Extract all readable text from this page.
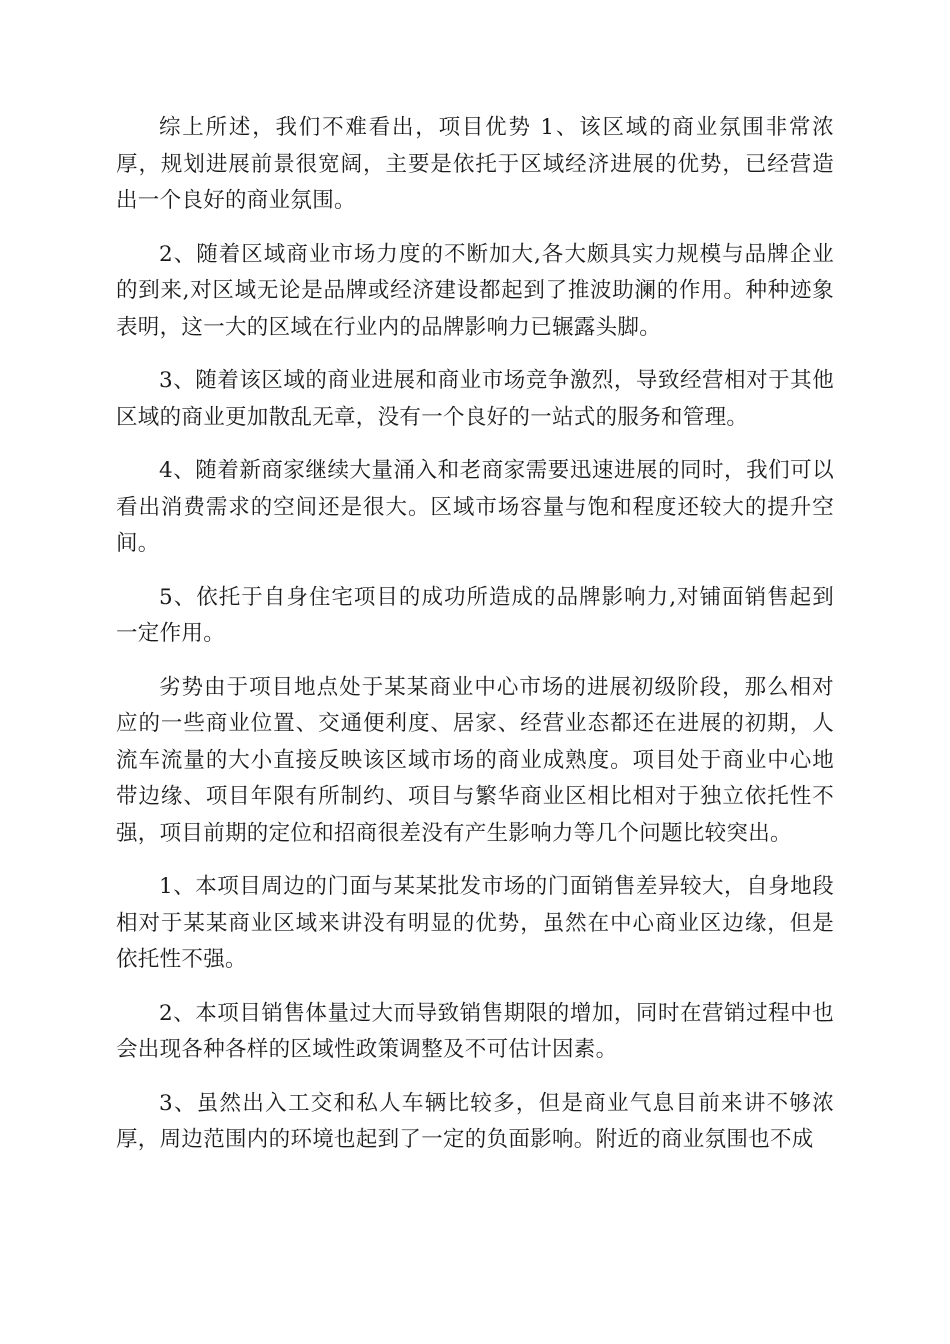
综上所述，我们不难看出，项目优势 1、该区域的商业氛围非常浓厚，规划进展前景很宽阔，主要是依托于区域经济进展的优势，已经营造出一个良好的商业氛围。

2、随着区域商业市场力度的不断加大,各大颇具实力规模与品牌企业的到来,对区域无论是品牌或经济建设都起到了推波助澜的作用。种种迹象表明，这一大的区域在行业内的品牌影响力已辗露头脚。

3、随着该区域的商业进展和商业市场竞争激烈，导致经营相对于其他区域的商业更加散乱无章，没有一个良好的一站式的服务和管理。

4、随着新商家继续大量涌入和老商家需要迅速进展的同时，我们可以看出消费需求的空间还是很大。区域市场容量与饱和程度还较大的提升空间。

5、依托于自身住宅项目的成功所造成的品牌影响力,对铺面销售起到一定作用。

劣势由于项目地点处于某某商业中心市场的进展初级阶段，那么相对应的一些商业位置、交通便利度、居家、经营业态都还在进展的初期，人流车流量的大小直接反映该区域市场的商业成熟度。项目处于商业中心地带边缘、项目年限有所制约、项目与繁华商业区相比相对于独立依托性不强，项目前期的定位和招商很差没有产生影响力等几个问题比较突出。

1、本项目周边的门面与某某批发市场的门面销售差异较大，自身地段相对于某某商业区域来讲没有明显的优势，虽然在中心商业区边缘，但是依托性不强。

2、本项目销售体量过大而导致销售期限的增加，同时在营销过程中也会出现各种各样的区域性政策调整及不可估计因素。

3、虽然出入工交和私人车辆比较多，但是商业气息目前来讲不够浓厚，周边范围内的环境也起到了一定的负面影响。附近的商业氛围也不成
